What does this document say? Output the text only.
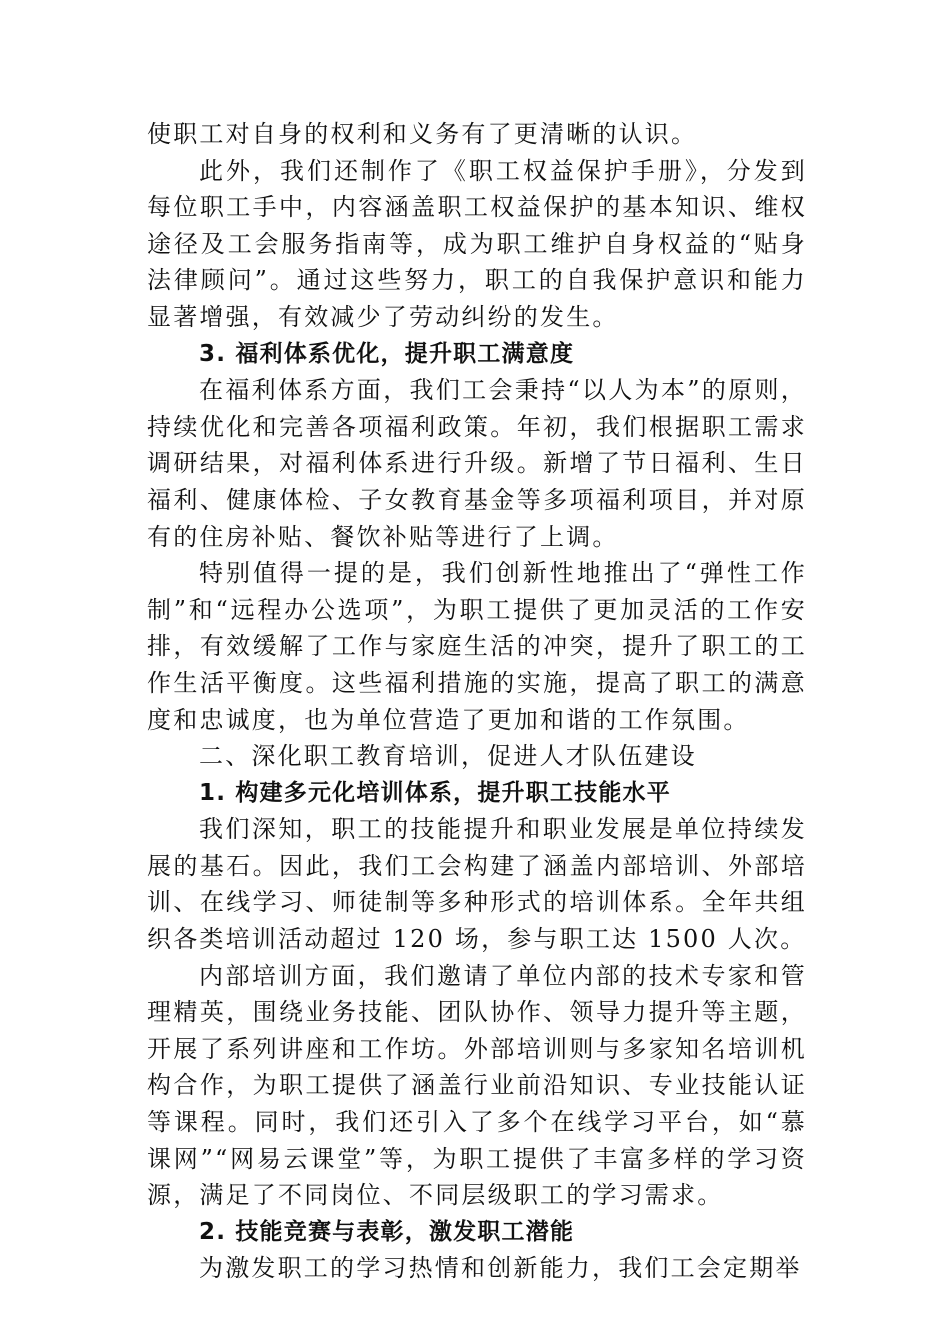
使职工对自身的权利和义务有了更清晰的认识。

此外，我们还制作了《职工权益保护手册》，分发到每位职工手中，内容涵盖职工权益保护的基本知识、维权途径及工会服务指南等，成为职工维护自身权益的“贴身法律顾问”。通过这些努力，职工的自我保护意识和能力显著增强，有效减少了劳动纠纷的发生。

3. 福利体系优化，提升职工满意度

在福利体系方面，我们工会秉持“以人为本”的原则，持续优化和完善各项福利政策。年初，我们根据职工需求调研结果，对福利体系进行升级。新增了节日福利、生日福利、健康体检、子女教育基金等多项福利项目，并对原有的住房补贴、餐饮补贴等进行了上调。

特别值得一提的是，我们创新性地推出了“弹性工作制”和“远程办公选项”，为职工提供了更加灵活的工作安排，有效缓解了工作与家庭生活的冲突，提升了职工的工作生活平衡度。这些福利措施的实施，提高了职工的满意度和忠诚度，也为单位营造了更加和谐的工作氛围。

二、深化职工教育培训，促进人才队伍建设

1. 构建多元化培训体系，提升职工技能水平

我们深知，职工的技能提升和职业发展是单位持续发展的基石。因此，我们工会构建了涵盖内部培训、外部培训、在线学习、师徒制等多种形式的培训体系。全年共组织各类培训活动超过 120 场，参与职工达 1500 人次。

内部培训方面，我们邀请了单位内部的技术专家和管理精英，围绕业务技能、团队协作、领导力提升等主题，开展了系列讲座和工作坊。外部培训则与多家知名培训机构合作，为职工提供了涵盖行业前沿知识、专业技能认证等课程。同时，我们还引入了多个在线学习平台，如“慕课网”“网易云课堂”等，为职工提供了丰富多样的学习资源，满足了不同岗位、不同层级职工的学习需求。

2. 技能竞赛与表彰，激发职工潜能

为激发职工的学习热情和创新能力，我们工会定期举
